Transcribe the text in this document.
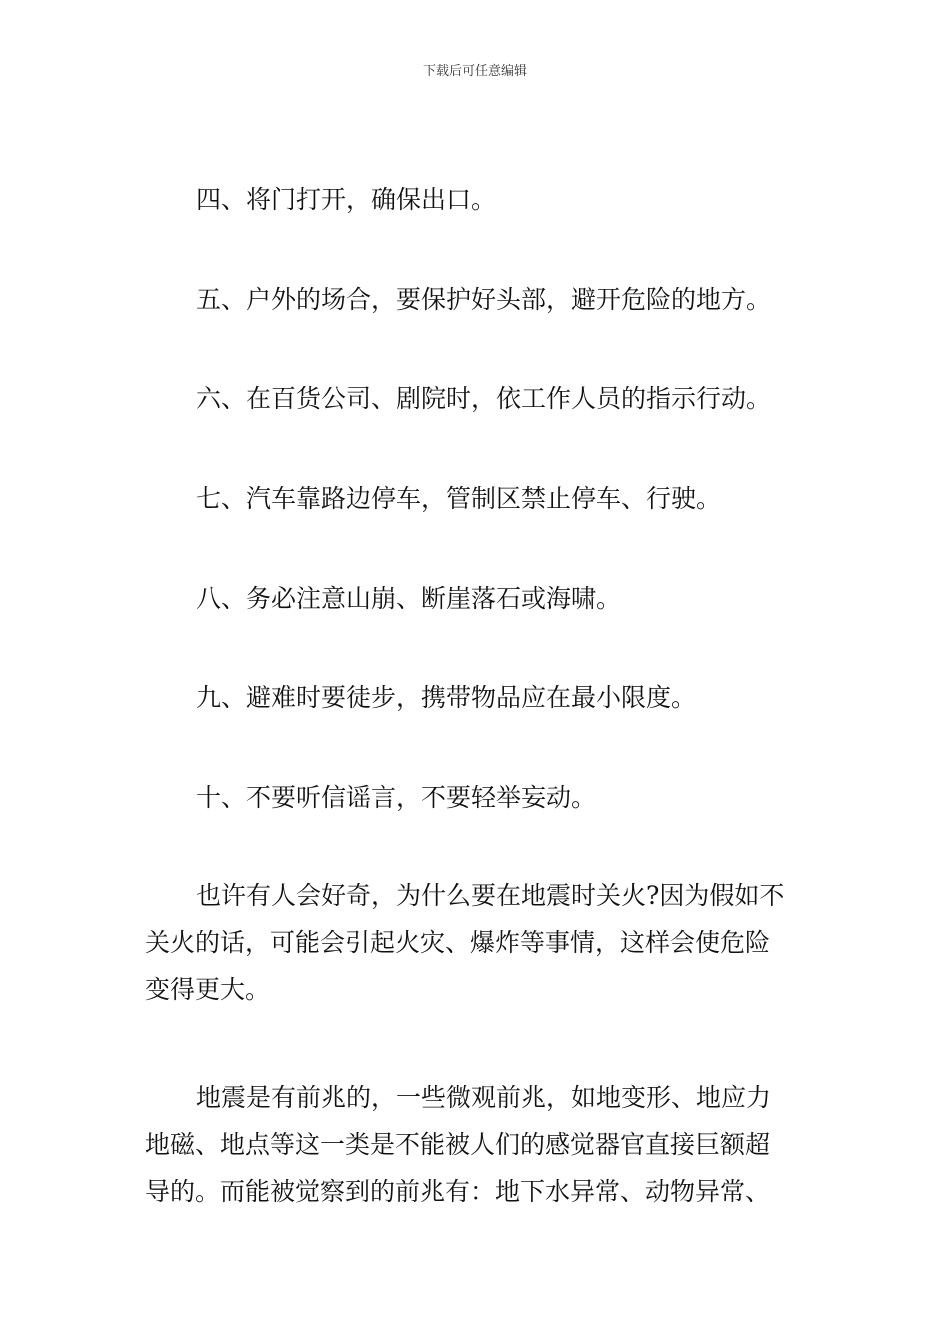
下载后可任意编辑
四、将门打开，确保出口。
五、户外的场合，要保护好头部，避开危险的地方。
六、在百货公司、剧院时，依工作人员的指示行动。
七、汽车靠路边停车，管制区禁止停车、行驶。
八、务必注意山崩、断崖落石或海啸。
九、避难时要徒步，携带物品应在最小限度。
十、不要听信谣言，不要轻举妄动。
也许有人会好奇，为什么要在地震时关火?因为假如不
关火的话，可能会引起火灾、爆炸等事情，这样会使危险
变得更大。
地震是有前兆的，一些微观前兆，如地变形、地应力
地磁、地点等这一类是不能被人们的感觉器官直接巨额超
导的。而能被觉察到的前兆有：地下水异常、动物异常、
